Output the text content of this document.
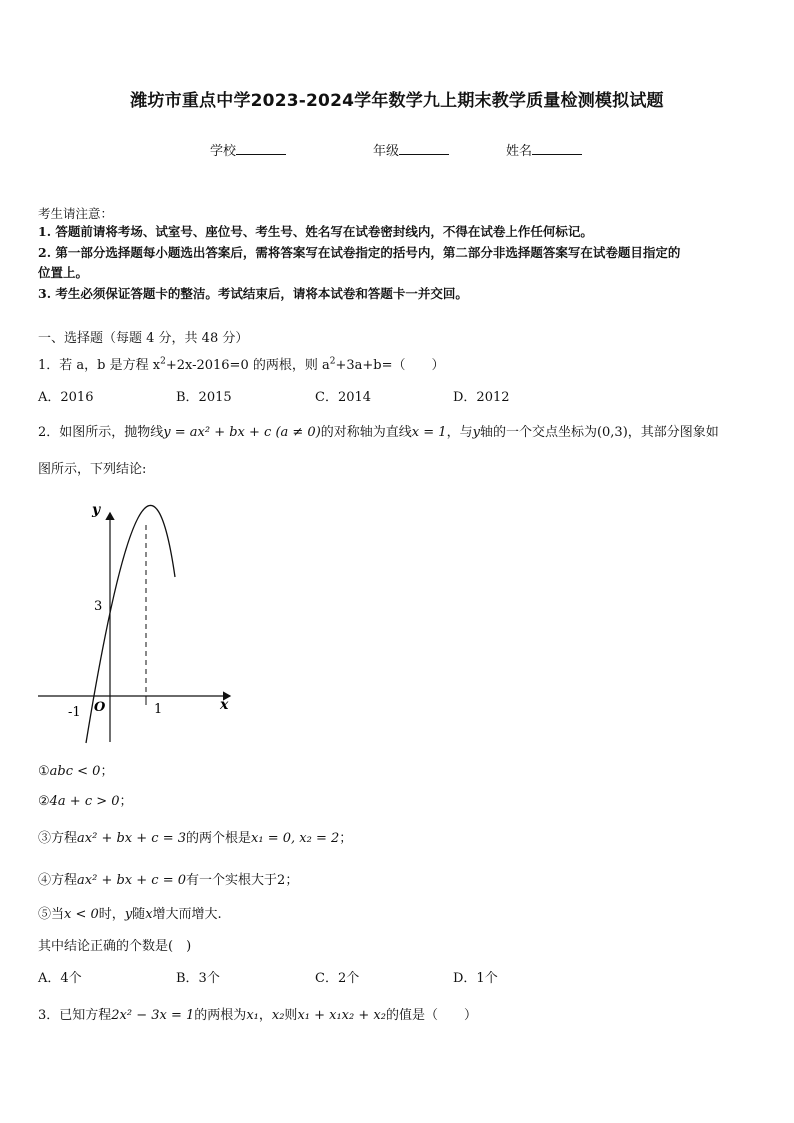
潍坊市重点中学2023-2024学年数学九上期末教学质量检测模拟试题
学校	年级	姓名
考生请注意：
1. 答题前请将考场、试室号、座位号、考生号、姓名写在试卷密封线内，不得在试卷上作任何标记。
2. 第一部分选择题每小题选出答案后，需将答案写在试卷指定的括号内，第二部分非选择题答案写在试卷题目指定的
位置上。
3. 考生必须保证答题卡的整洁。考试结束后，请将本试卷和答题卡一并交回。
一、选择题（每题 4 分，共 48 分）
1．若 a，b 是方程 $x^2+2x-2016=0$ 的两根，则 $a^2+3a+b=$（　　）
A．2016	B．2015	C．2014	D．2012
2．如图所示，抛物线y = ax² + bx + c (a ≠ 0)的对称轴为直线x = 1，与y轴的一个交点坐标为(0,3)，其部分图象如
图所示，下列结论:
y
x
O
3
-1	1
①abc < 0；
②4a + c > 0；
③方程ax² + bx + c = 3的两个根是x₁ = 0, x₂ = 2；
④方程ax² + bx + c = 0有一个实根大于2；
⑤当x < 0时，y随x增大而增大.
其中结论正确的个数是(　)
A．4个	B．3个	C．2个	D．1个
3．已知方程2x² − 3x = 1的两根为x₁，x₂则x₁ + x₁x₂ + x₂的值是（　　）
